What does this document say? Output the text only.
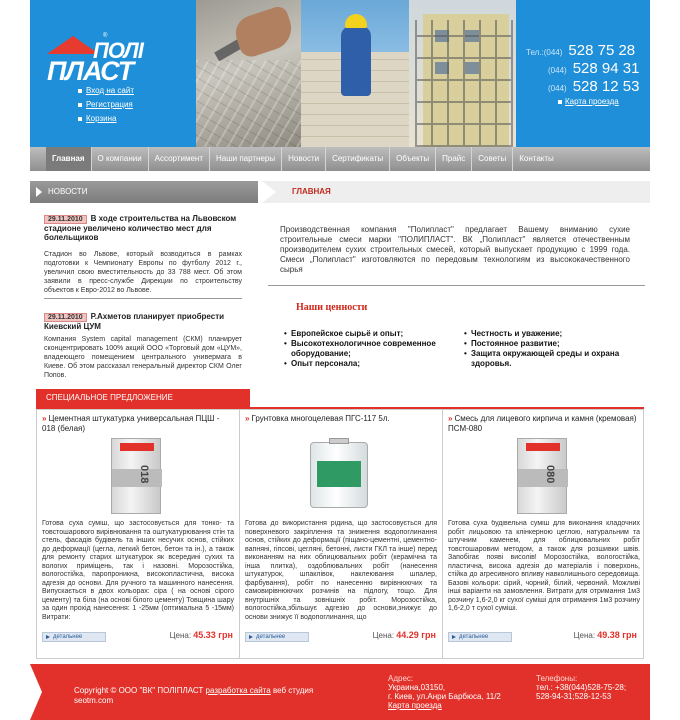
®
ПОЛІ
ПЛАСТ
Вход на сайт
Регистрация
Корзина
Тел.:(044) 528 75 28
(044) 528 94 31
(044) 528 12 53
Карта проезда
Главная	О компании	Ассортимент	Наши партнеры	Новости	Сертификаты	Объекты	Прайс	Советы	Контакты
НОВОСТИ
29.11.2010 В ходе строительства на Львовском стадионе увеличено количество мест для болельщиков
Стадион во Львове, который возводиться в рамках подготовки к Чемпионату Европы по футболу 2012 г., увеличил свою вместительность до 33 788 мест. Об этом заявили в пресс-службе Дирекции по строительству объектов к Евро-2012 во Львове.
29.11.2010 Р.Ахметов планирует приобрести Киевский ЦУМ
Компания System capital management (СКМ) планирует сконцентрировать 100% акций ООО «Торговый дом «ЦУМ», владеющего помещением центрального универмага в Киеве. Об этом рассказал генеральный директор СКМ Олег Попов.
ГЛАВНАЯ
Производственная компания "Полипласт" предлагает Вашему вниманию сухие строительные смеси марки "ПОЛИПЛАСТ". ВК „Полипласт" является отечественным производителем сухих строительных смесей, который выпускает продукцию с 1999 года. Смеси „Полипласт" изготовляются по передовым технологиям из высококачественного сырья
Наши ценности
• Европейское сырьё и опыт;
• Высокотехнологичное современное оборудование;
• Опыт персонала;
• Честность и уважение;
• Постоянное развитие;
• Защита окружающей среды и охрана здоровья.
СПЕЦИАЛЬНОЕ ПРЕДЛОЖЕНИЕ
» Цементная штукатурка универсальная ПЦШ - 018 (белая)
018
Готова суха суміш, що застосовується для тонко- та товстошарового вирівнювання та оштукатурювання стін та стель, фасадів будівель та інших несучих основ, стійких до деформації (цегла, легкий бетон, бетон та ін.), а також для ремонту старих штукатурок як всередині сухих та вологих приміщень, так і назовні. Морозостійка, вологостійка, паропроникна, високопластична, висока адгезія до основи. Для ручного та машинного нанесення. Випускається в двох кольорах: сіра ( на основі сірого цементу) та біла (на основі білого цементу) Товщина шару за один прохід нанесення: 1 -25мм (оптимальна 5 -15мм) Витрати:
детальнее	Цена: 45.33 грн
» Грунтовка многоцелевая ПГС-117 5л.
Готова до використання рідина, що застосовується для поверхневого закріплення та зниження водопоглинання основ, стійких до деформації (піщано-цементні, цементно-вапняні, гіпсові, цегляні, бетонні, листи ГКЛ та інше) перед виконанням на них облицювальних робіт (керамічна та інша плитка), оздоблювальних робіт (нанесення штукатурок, шпаклівок, наклеювання шпалер, фарбування), робіт по нанесенню вирівнюючих та самовирівнюючих розчинів на підлогу, тощо. Для внутрішніх та зовнішніх робіт. Морозостійка, вологостійка,збільшує адгезію до основи,знижує до основи знижує її водопоглинання, що
детальнее	Цена: 44.29 грн
» Смесь для лицевого кирпича и камня (кремовая) ПСМ-080
080
Готова суха будівельна суміш для виконання кладочних робіт лицьовою та клінкерною цеглою, натуральним та штучним каменем, для облицювальних робіт товстошаровим методом, а також для розшивки швів. Запобігає появі висолів! Морозостійка, вологостійка, пластична, висока адгезія до матеріалів і поверхонь, стійка до агресивного впливу навколишнього середовища. Базові кольори: сірий, чорний, білий, червоний. Можливі інші варіанти на замовлення. Витрати для отримання 1м3 розчину 1,6-2,0 кг сухої суміші для отримання 1м3 розчину 1,6-2,0 т сухої суміші.
детальнее	Цена: 49.38 грн
Copyright © ООО "ВК" ПОЛІПЛАСТ разработка сайта веб студия seotm.com
Адрес:
Украина,03150,
г. Киев, ул.Анри Барбюса, 11/2
Карта проезда
Телефоны:
тел.: +38(044)528-75-28;
528-94-31;528-12-53
